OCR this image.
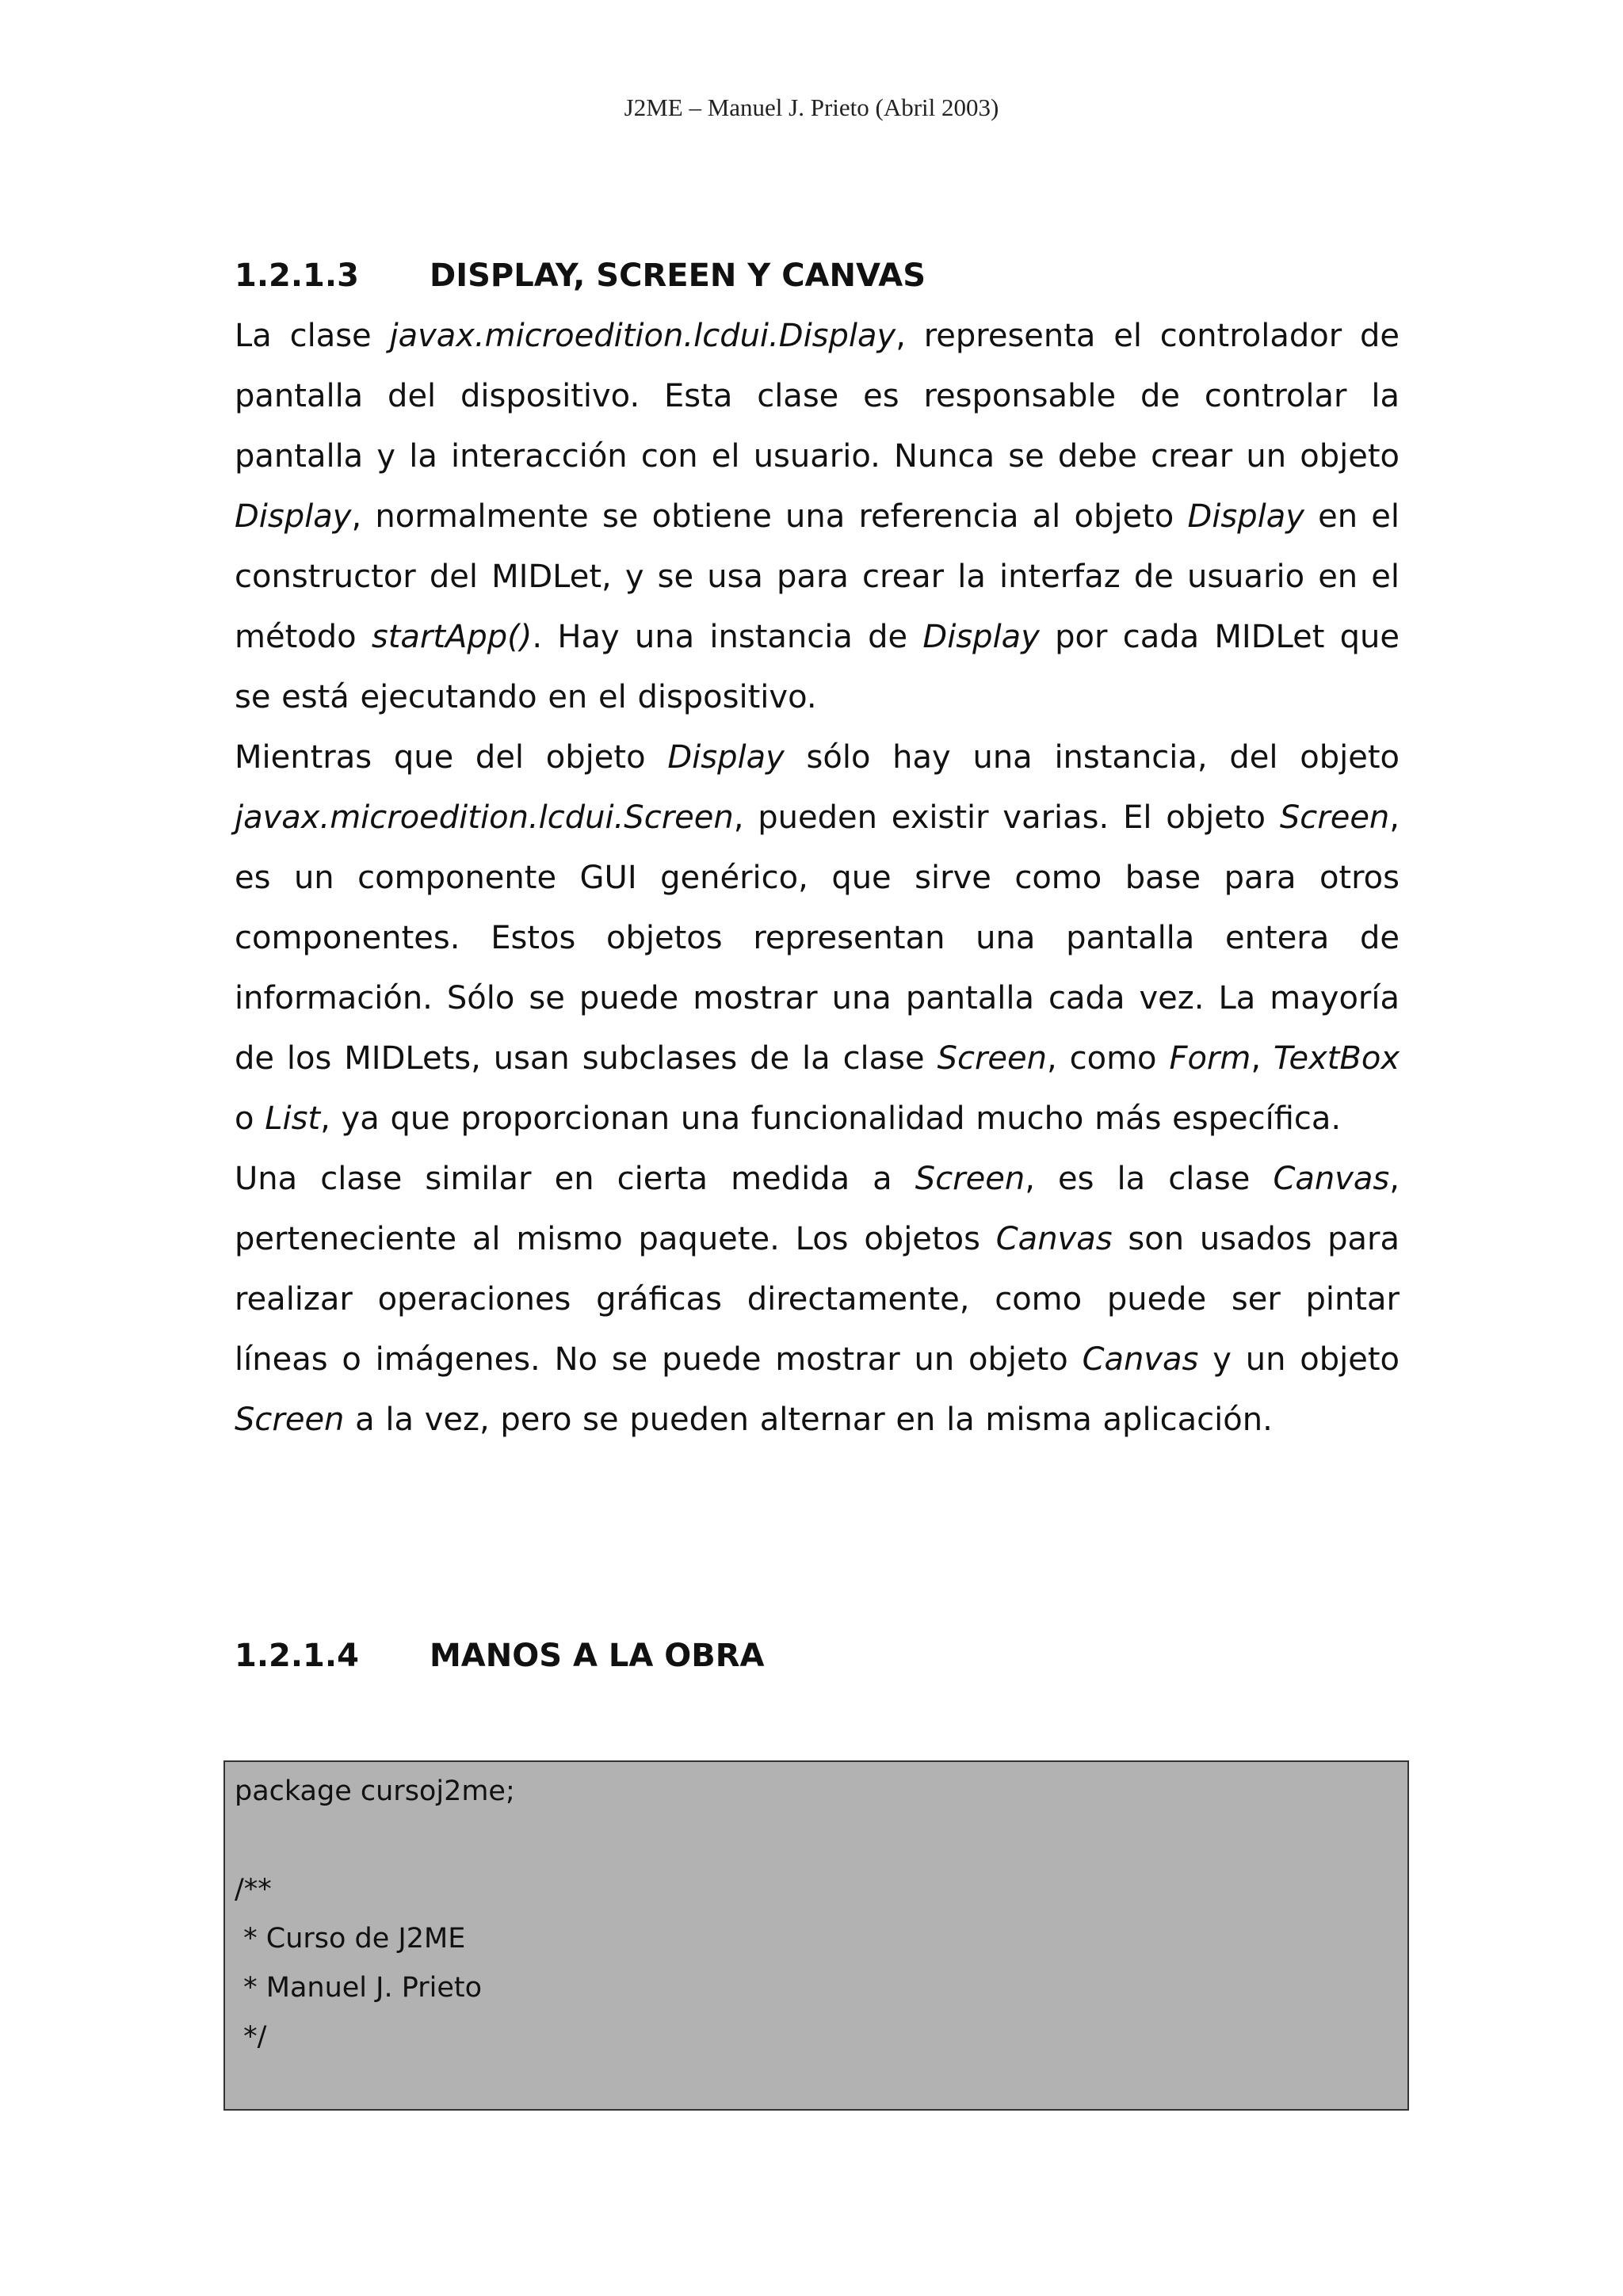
J2ME – Manuel J. Prieto (Abril 2003)
1.2.1.3 DISPLAY, SCREEN Y CANVAS

La clase javax.microedition.lcdui.Display, representa el controlador de pantalla del dispositivo. Esta clase es responsable de controlar la pantalla y la interacción con el usuario. Nunca se debe crear un objeto Display, normalmente se obtiene una referencia al objeto Display en el constructor del MIDLet, y se usa para crear la interfaz de usuario en el método startApp(). Hay una instancia de Display por cada MIDLet que se está ejecutando en el dispositivo.

Mientras que del objeto Display sólo hay una instancia, del objeto javax.microedition.lcdui.Screen, pueden existir varias. El objeto Screen, es un componente GUI genérico, que sirve como base para otros componentes. Estos objetos representan una pantalla entera de información. Sólo se puede mostrar una pantalla cada vez. La mayoría de los MIDLets, usan subclases de la clase Screen, como Form, TextBox o List, ya que proporcionan una funcionalidad mucho más específica.

Una clase similar en cierta medida a Screen, es la clase Canvas, perteneciente al mismo paquete. Los objetos Canvas son usados para realizar operaciones gráficas directamente, como puede ser pintar líneas o imágenes. No se puede mostrar un objeto Canvas y un objeto Screen a la vez, pero se pueden alternar en la misma aplicación.

1.2.1.4 MANOS A LA OBRA
package cursoj2me;
/**
* Curso de J2ME
* Manuel J. Prieto
*/
